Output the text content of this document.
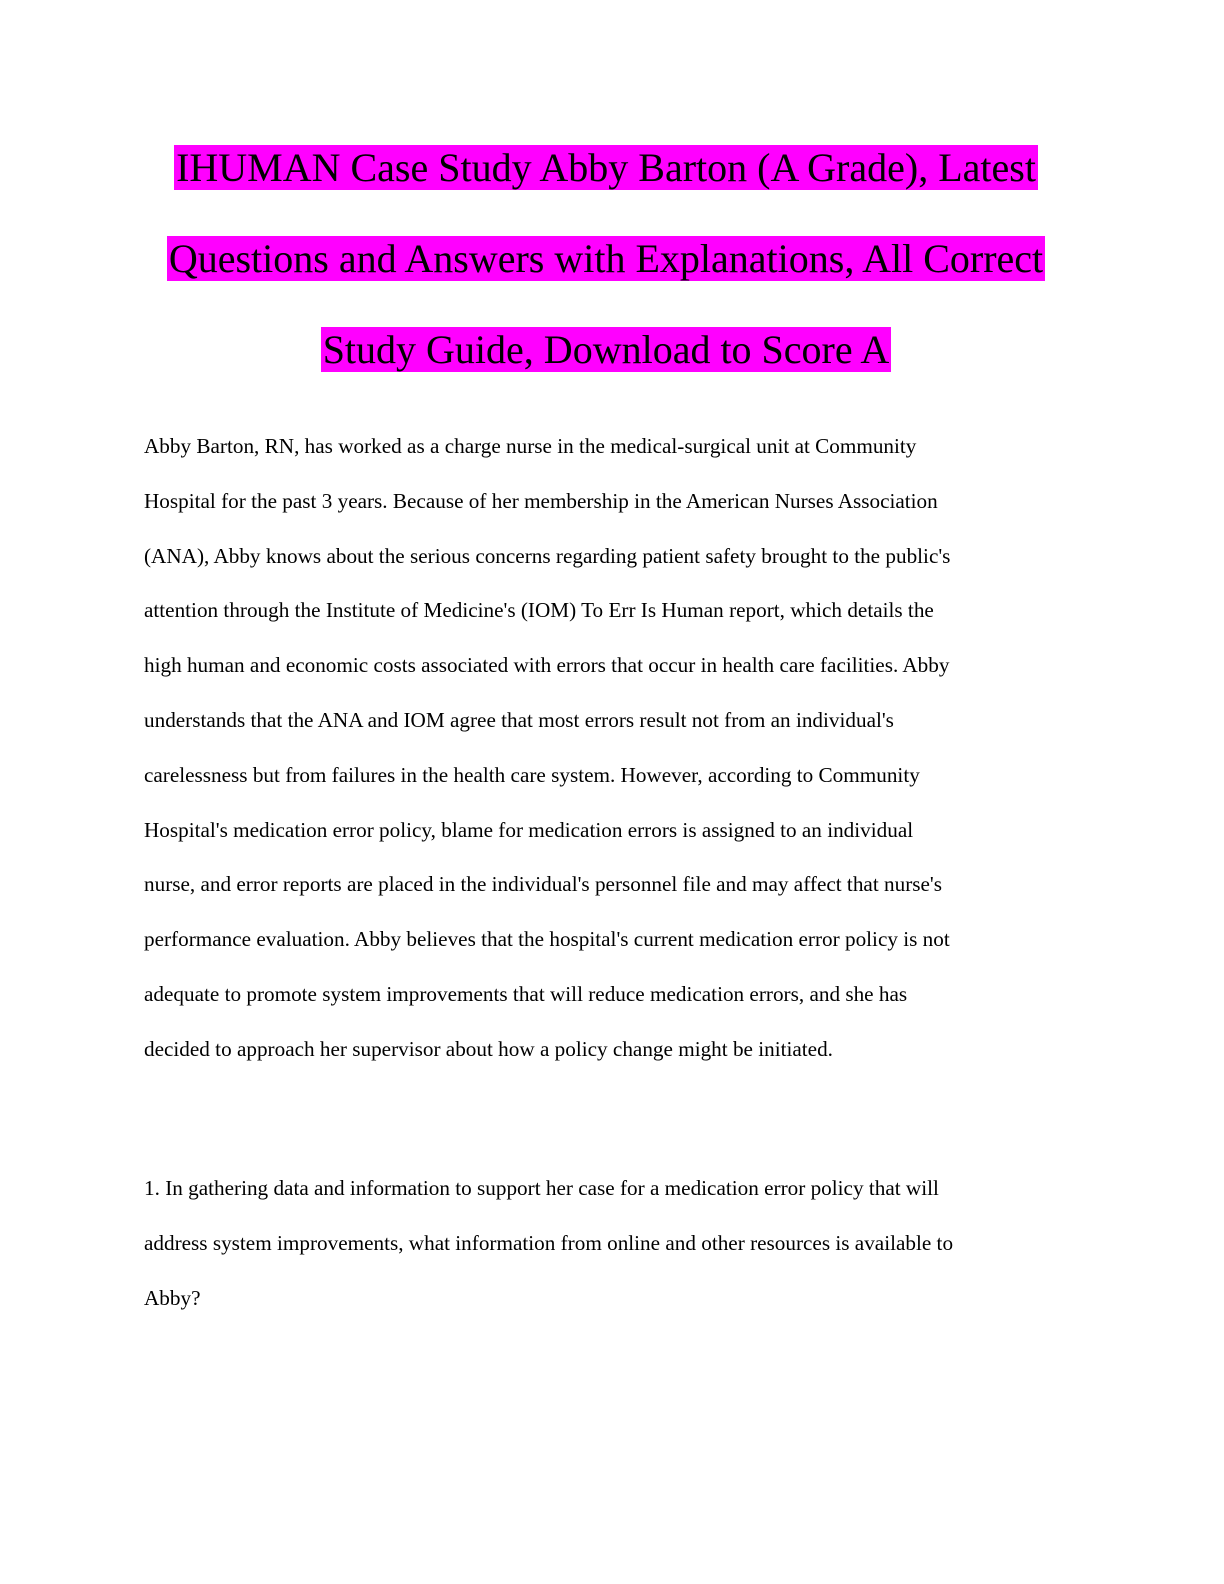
IHUMAN Case Study Abby Barton (A Grade), Latest
Questions and Answers with Explanations, All Correct
Study Guide, Download to Score A
Abby Barton, RN, has worked as a charge nurse in the medical-surgical unit at Community
Hospital for the past 3 years. Because of her membership in the American Nurses Association
(ANA), Abby knows about the serious concerns regarding patient safety brought to the public's
attention through the Institute of Medicine's (IOM) To Err Is Human report, which details the
high human and economic costs associated with errors that occur in health care facilities. Abby
understands that the ANA and IOM agree that most errors result not from an individual's
carelessness but from failures in the health care system. However, according to Community
Hospital's medication error policy, blame for medication errors is assigned to an individual
nurse, and error reports are placed in the individual's personnel file and may affect that nurse's
performance evaluation. Abby believes that the hospital's current medication error policy is not
adequate to promote system improvements that will reduce medication errors, and she has
decided to approach her supervisor about how a policy change might be initiated.
1. In gathering data and information to support her case for a medication error policy that will
address system improvements, what information from online and other resources is available to
Abby?
